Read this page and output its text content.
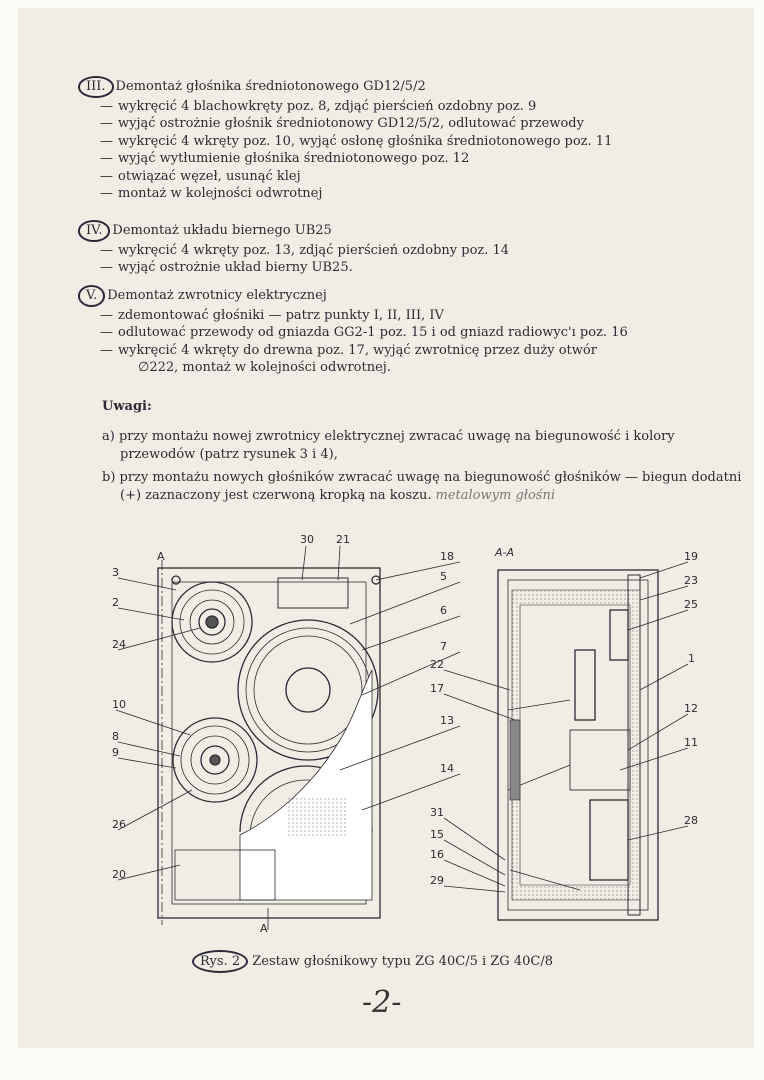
III. Demontaż głośnika średniotonowego GD12/5/2
— wykręcić 4 blachowkręty poz. 8, zdjąć pierścień ozdobny poz. 9
— wyjąć ostrożnie głośnik średniotonowy GD12/5/2, odlutować przewody
— wykręcić 4 wkręty poz. 10, wyjąć osłonę głośnika średniotonowego poz. 11
— wyjąć wytłumienie głośnika średniotonowego poz. 12
— otwiązać węzeł, usunąć klej
— montaż w kolejności odwrotnej
IV. Demontaż układu biernego UB25
— wykręcić 4 wkręty poz. 13, zdjąć pierścień ozdobny poz. 14
— wyjąć ostrożnie układ bierny UB25.
V. Demontaż zwrotnicy elektrycznej
— zdemontować głośniki — patrz punkty I, II, III, IV
— odlutować przewody od gniazda GG2-1 poz. 15 i od gniazd radiowyc'ı poz. 16
— wykręcić 4 wkręty do drewna poz. 17, wyjąć zwrotnicę przez duży otwór
∅222, montaż w kolejności odwrotnej.
Uwagi:
a) przy montażu nowej zwrotnicy elektrycznej zwracać uwagę na biegunowość i kolory przewodów (patrz rysunek 3 i 4),
b) przy montażu nowych głośników zwracać uwagę na biegunowość głośników — biegun dodatni (+) zaznaczony jest czerwoną kropką na koszu. metalowym głośni
A
A
A-A
30 21
18
3	5
2
6
24	7
10
13
8
9
14
26
20
19
23
25
1
22
17
12
11
28
31
15
16
29
Rys. 2 Zestaw głośnikowy typu ZG 40C/5 i ZG 40C/8
-2-
